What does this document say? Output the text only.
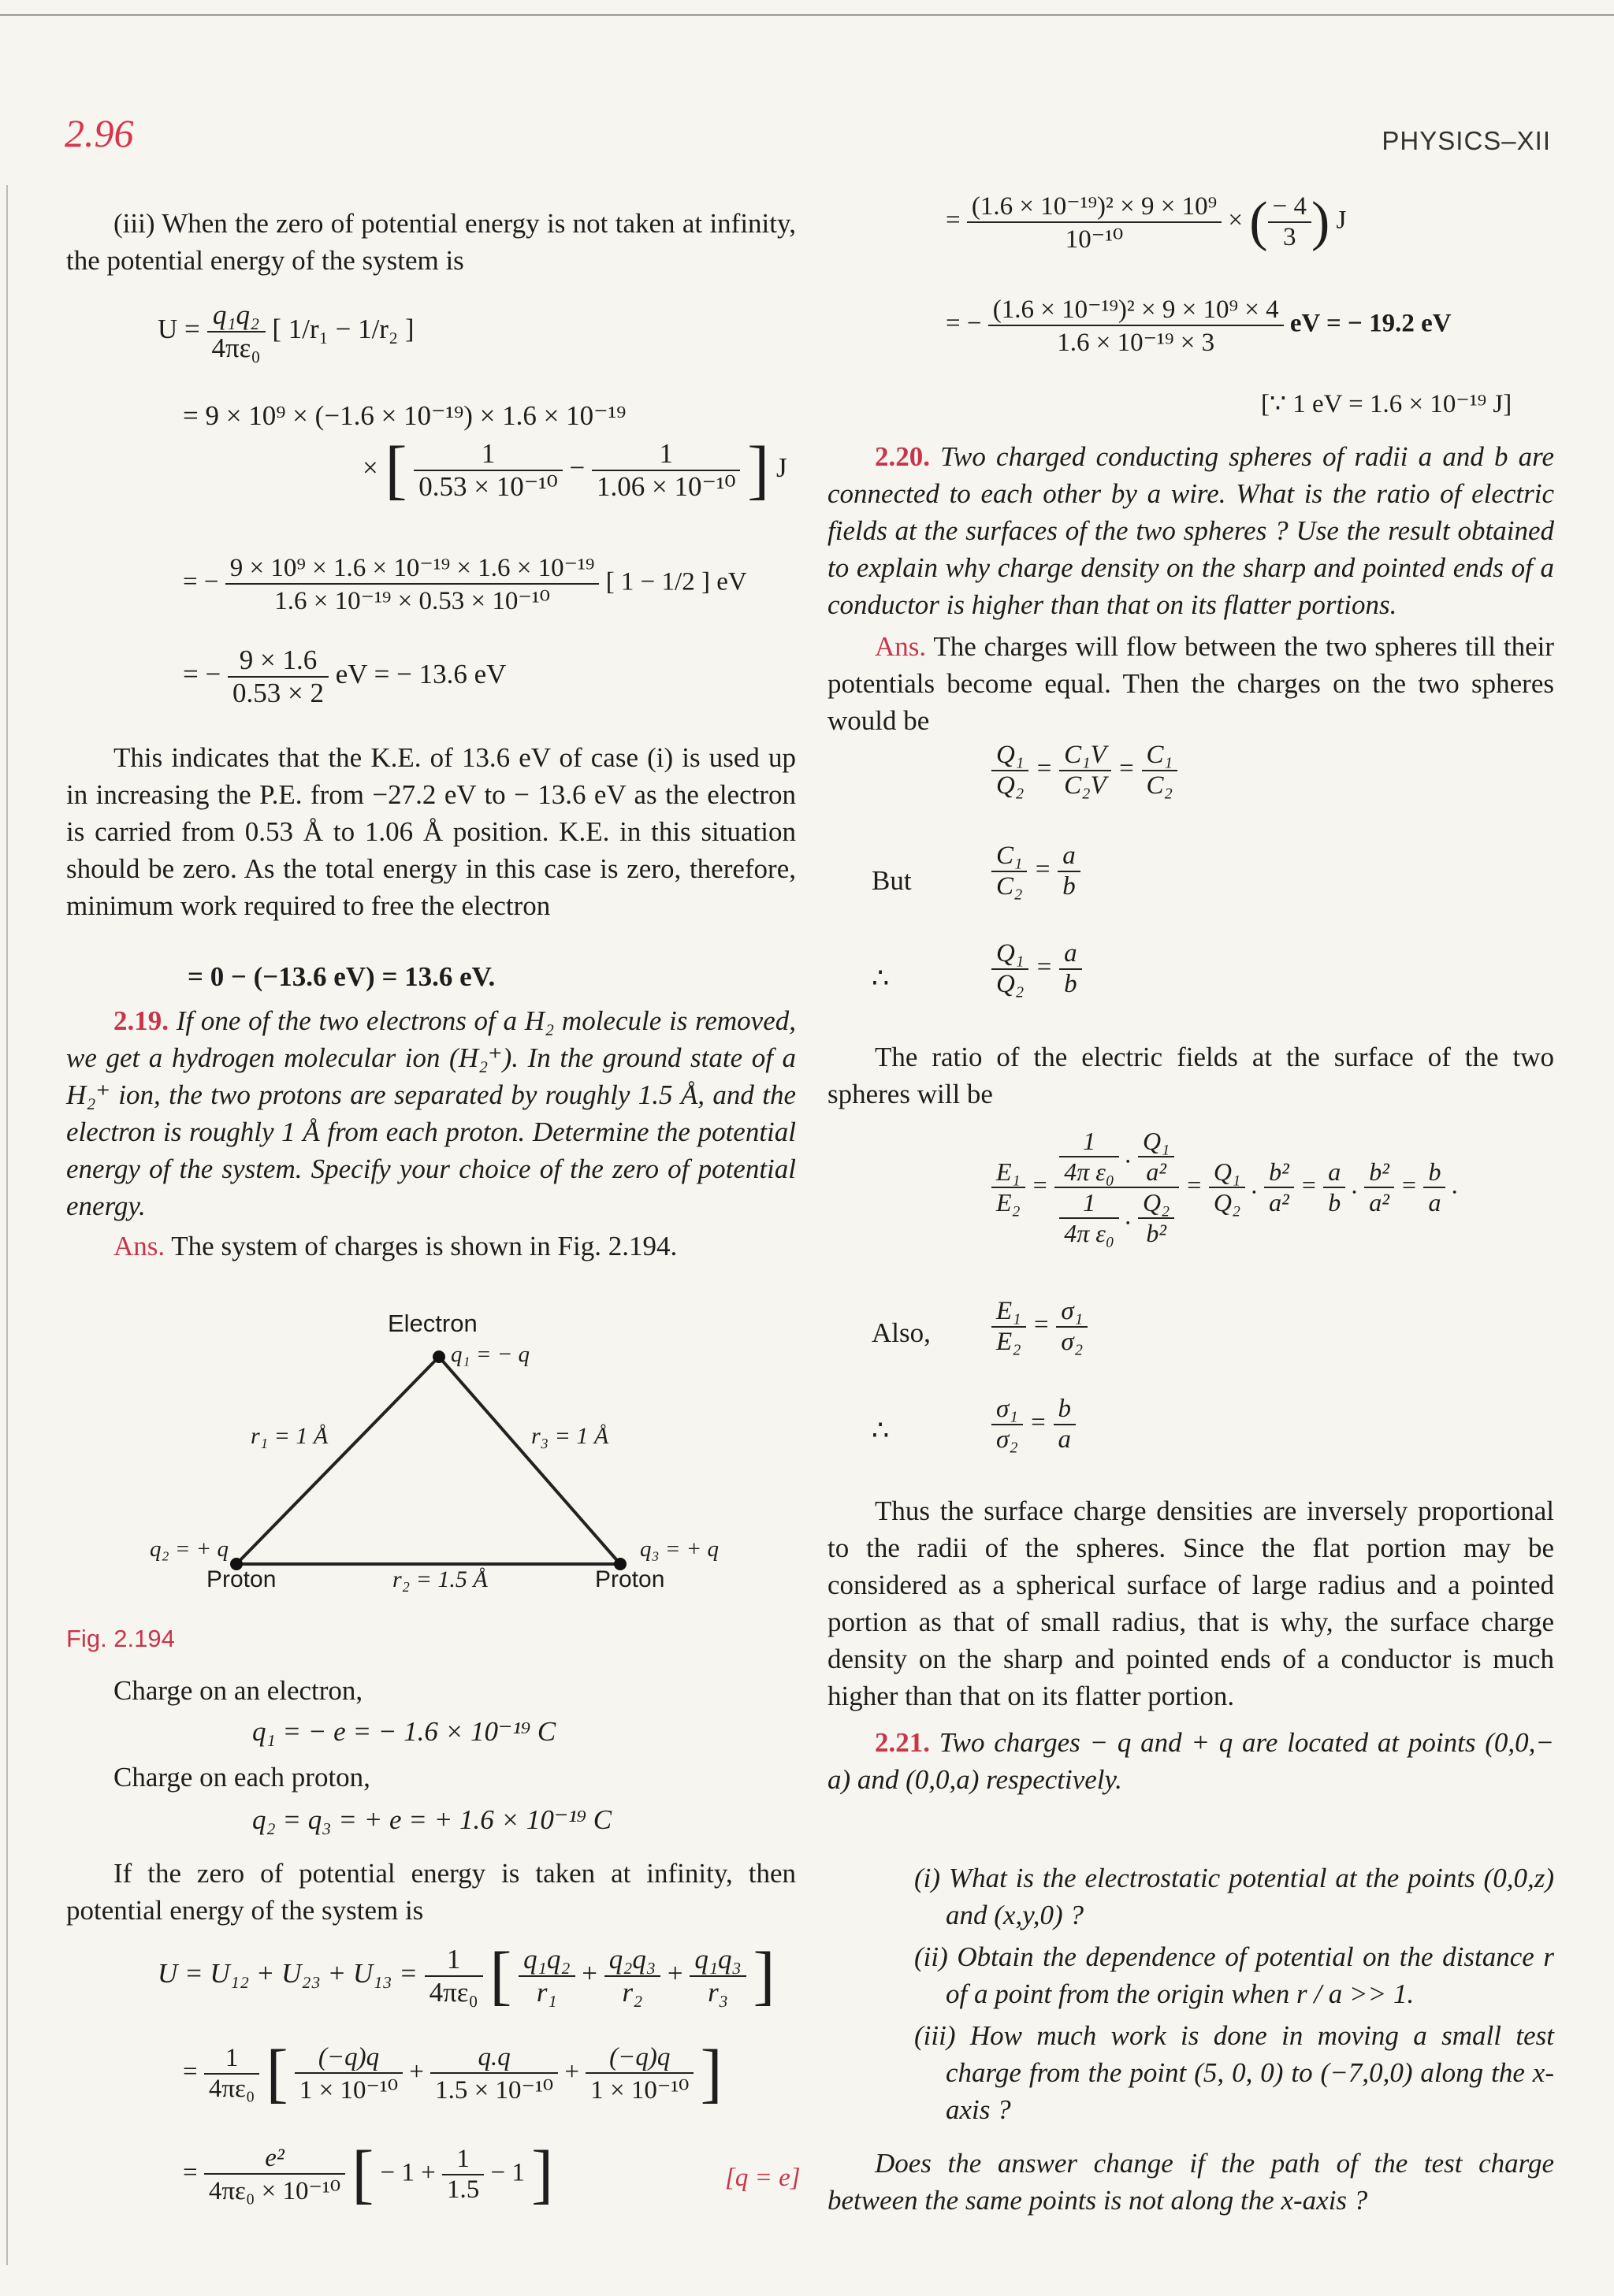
2.96	PHYSICS–XII

(iii) When the zero of potential energy is not taken at infinity, the potential energy of the system is

$U = \frac{\text{q₁q₂}}{\text{4πε₀}}$ [ 1/r₁ − 1/r₂ ]
= 9 × 10⁹ × (−1.6 × 10⁻¹⁹) × 1.6 × 10⁻¹⁹
× [ $\frac{1}{\text{0.53 × 10⁻¹⁰}} - \frac{1}{\text{1.06 × 10⁻¹⁰}}$ ] J
= − $\frac{\text{9 × 10⁹ × 1.6 × 10⁻¹⁹ × 1.6 × 10⁻¹⁹}}{\text{1.6 × 10⁻¹⁹ × 0.53 × 10⁻¹⁰}}$ [ 1 − 1/2 ] eV
= − $\frac{9 \times 1.6}{0.53 \times 2}$ eV = − 13.6 eV

This indicates that the K.E. of 13.6 eV of case (i) is used up in increasing the P.E. from −27.2 eV to − 13.6 eV as the electron is carried from 0.53 Å to 1.06 Å position. K.E. in this situation should be zero. As the total energy in this case is zero, therefore, minimum work required to free the electron

= 0 − (−13.6 eV) = 13.6 eV.

2.19. If one of the two electrons of a H₂ molecule is removed, we get a hydrogen molecular ion (H₂⁺). In the ground state of a H₂⁺ ion, the two protons are separated by roughly 1.5 Å, and the electron is roughly 1 Å from each proton. Determine the potential energy of the system. Specify your choice of the zero of potential energy.

Ans. The system of charges is shown in Fig. 2.194.

Electron
q₁ = − q
r₁ = 1 Å	r₃ = 1 Å
q₂ = + q	q₃ = + q
Proton	r₂ = 1.5 Å	Proton
Fig. 2.194
Charge on an electron,
q₁ = − e = − 1.6 × 10⁻¹⁹ C
Charge on each proton,
q₂ = q₃ = + e = + 1.6 × 10⁻¹⁹ C

If the zero of potential energy is taken at infinity, then potential energy of the system is

$U = U_{12} + U_{23} + U_{13} = \frac{1}{\text{4πε₀}}$ [ $\frac{\text{q₁q₂}}{\text{r₁}} + \frac{\text{q₂q₃}}{\text{r₂}} + \frac{\text{q₁q₃}}{\text{r₃}}$ ]
= $\frac{1}{\text{4πε₀}}$ [ $\frac{(-q)q}{\text{1 × 10⁻¹⁰}} + \frac{q.q}{\text{1.5 × 10⁻¹⁰}} + \frac{(-q)q}{\text{1 × 10⁻¹⁰}}$ ]
= $\frac{\text{e²}}{\text{4πε₀ × 10⁻¹⁰}}$ [ − $1 + \frac{1}{1.5} - 1$ ]	[q = e]
= $\frac{\text{(1.6 × 10⁻¹⁹)² × 9 × 10⁹}}{\text{10⁻¹⁰}}$ × ( $\frac{- 4}{3}$ ) J
= − $\frac{\text{(1.6 × 10⁻¹⁹)² × 9 × 10⁹ × 4}}{\text{1.6 × 10⁻¹⁹ × 3}}$ eV = − 19.2 eV
[∵ 1 eV = 1.6 × 10⁻¹⁹ J]

2.20. Two charged conducting spheres of radii a and b are connected to each other by a wire. What is the ratio of electric fields at the surfaces of the two spheres ? Use the result obtained to explain why charge density on the sharp and pointed ends of a conductor is higher than that on its flatter portions.

Ans. The charges will flow between the two spheres till their potentials become equal. Then the charges on the two spheres would be

$\frac{\text{Q₁}}{\text{Q₂}} = \frac{\text{C₁V}}{\text{C₂V}} = \frac{\text{C₁}}{\text{C₂}}$
But	$\frac{\text{C₁}}{\text{C₂}} = \frac{a}{b}$
∴	$\frac{\text{Q₁}}{\text{Q₂}} = \frac{a}{b}$

The ratio of the electric fields at the surface of the two spheres will be

$\frac{\text{E₁}}{\text{E₂}} = \frac{\frac{1}{\text{4π ε₀}} . \frac{\text{Q₁}}{\text{a²}}}{\frac{1}{\text{4π ε₀}} . \frac{\text{Q₂}}{\text{b²}}} = \frac{\text{Q₁}}{\text{Q₂}}$ . $\frac{\text{b²}}{\text{a²}} = \frac{a}{b}$ . $\frac{\text{b²}}{\text{a²}} = \frac{b}{a}$ .
Also, $\frac{\text{E₁}}{\text{E₂}} = \frac{\text{σ₁}}{\text{σ₂}}$
∴	$\frac{\text{σ₁}}{\text{σ₂}} = \frac{b}{a}$

Thus the surface charge densities are inversely proportional to the radii of the spheres. Since the flat portion may be considered as a spherical surface of large radius and a pointed portion as that of small radius, that is why, the surface charge density on the sharp and pointed ends of a conductor is much higher than that on its flatter portion.

2.21. Two charges − q and + q are located at points (0,0,− a) and (0,0,a) respectively.

(i) What is the electrostatic potential at the points (0,0,z) and (x,y,0) ?

(ii) Obtain the dependence of potential on the distance r of a point from the origin when r / a >> 1.

(iii) How much work is done in moving a small test charge from the point (5, 0, 0) to (−7,0,0) along the x-axis ?

Does the answer change if the path of the test charge between the same points is not along the x-axis ?
